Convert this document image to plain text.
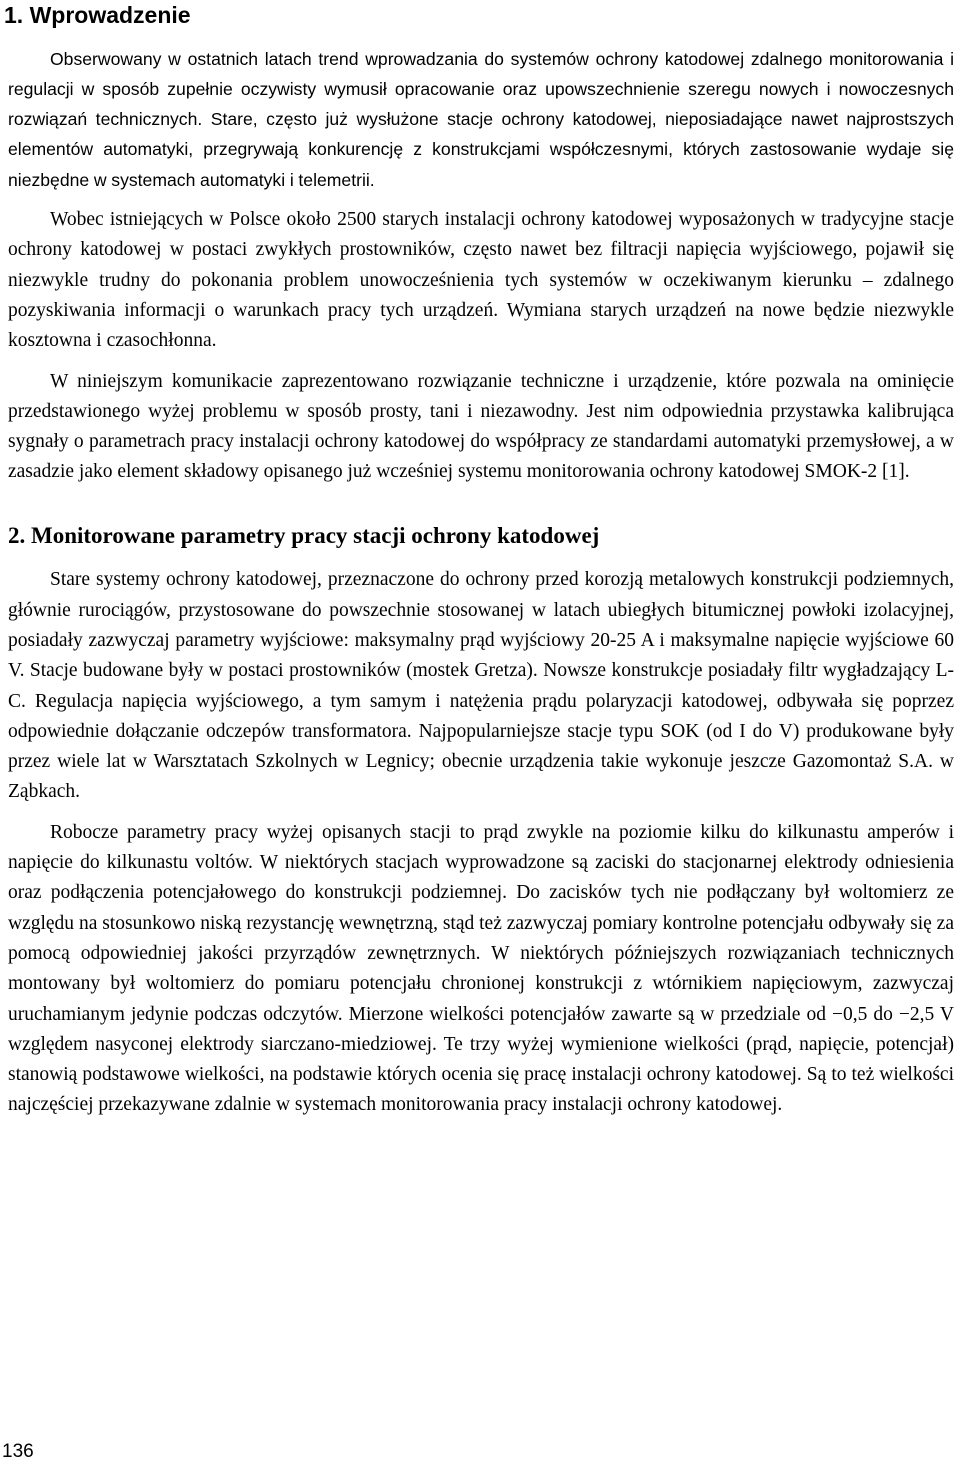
1. Wprowadzenie

Obserwowany w ostatnich latach trend wprowadzania do systemów ochrony katodowej zdalnego monitorowania i regulacji w sposób zupełnie oczywisty wymusił opracowanie oraz upowszechnienie szeregu nowych i nowoczesnych rozwiązań technicznych. Stare, często już wysłużone stacje ochrony katodowej, nieposiadające nawet najprostszych elementów automatyki, przegrywają konkurencję z konstrukcjami współczesnymi, których zastosowanie wydaje się niezbędne w systemach automatyki i telemetrii.

Wobec istniejących w Polsce około 2500 starych instalacji ochrony katodowej wyposażonych w tradycyjne stacje ochrony katodowej w postaci zwykłych prostowników, często nawet bez filtracji napięcia wyjściowego, pojawił się niezwykle trudny do pokonania problem unowocześnienia tych systemów w oczekiwanym kierunku – zdalnego pozyskiwania informacji o warunkach pracy tych urządzeń. Wymiana starych urządzeń na nowe będzie niezwykle kosztowna i czasochłonna.

W niniejszym komunikacie zaprezentowano rozwiązanie techniczne i urządzenie, które pozwala na ominięcie przedstawionego wyżej problemu w sposób prosty, tani i niezawodny. Jest nim odpowiednia przystawka kalibrująca sygnały o parametrach pracy instalacji ochrony katodowej do współpracy ze standardami automatyki przemysłowej, a w zasadzie jako element składowy opisanego już wcześniej systemu monitorowania ochrony katodowej SMOK-2 [1].

2. Monitorowane parametry pracy stacji ochrony katodowej

Stare systemy ochrony katodowej, przeznaczone do ochrony przed korozją metalowych konstrukcji podziemnych, głównie rurociągów, przystosowane do powszechnie stosowanej w latach ubiegłych bitumicznej powłoki izolacyjnej, posiadały zazwyczaj parametry wyjściowe: maksymalny prąd wyjściowy 20-25 A i maksymalne napięcie wyjściowe 60 V. Stacje budowane były w postaci prostowników (mostek Gretza). Nowsze konstrukcje posiadały filtr wygładzający L-C. Regulacja napięcia wyjściowego, a tym samym i natężenia prądu polaryzacji katodowej, odbywała się poprzez odpowiednie dołączanie odczepów transformatora. Najpopularniejsze stacje typu SOK (od I do V) produkowane były przez wiele lat w Warsztatach Szkolnych w Legnicy; obecnie urządzenia takie wykonuje jeszcze Gazomontaż S.A. w Ząbkach.

Robocze parametry pracy wyżej opisanych stacji to prąd zwykle na poziomie kilku do kilkunastu amperów i napięcie do kilkunastu voltów. W niektórych stacjach wyprowadzone są zaciski do stacjonarnej elektrody odniesienia oraz podłączenia potencjałowego do konstrukcji podziemnej. Do zacisków tych nie podłączany był woltomierz ze względu na stosunkowo niską rezystancję wewnętrzną, stąd też zazwyczaj pomiary kontrolne potencjału odbywały się za pomocą odpowiedniej jakości przyrządów zewnętrznych. W niektórych późniejszych rozwiązaniach technicznych montowany był woltomierz do pomiaru potencjału chronionej konstrukcji z wtórnikiem napięciowym, zazwyczaj uruchamianym jedynie podczas odczytów. Mierzone wielkości potencjałów zawarte są w przedziale od −0,5 do −2,5 V względem nasyconej elektrody siarczano-miedziowej. Te trzy wyżej wymienione wielkości (prąd, napięcie, potencjał) stanowią podstawowe wielkości, na podstawie których ocenia się pracę instalacji ochrony katodowej. Są to też wielkości najczęściej przekazywane zdalnie w systemach monitorowania pracy instalacji ochrony katodowej.

136
